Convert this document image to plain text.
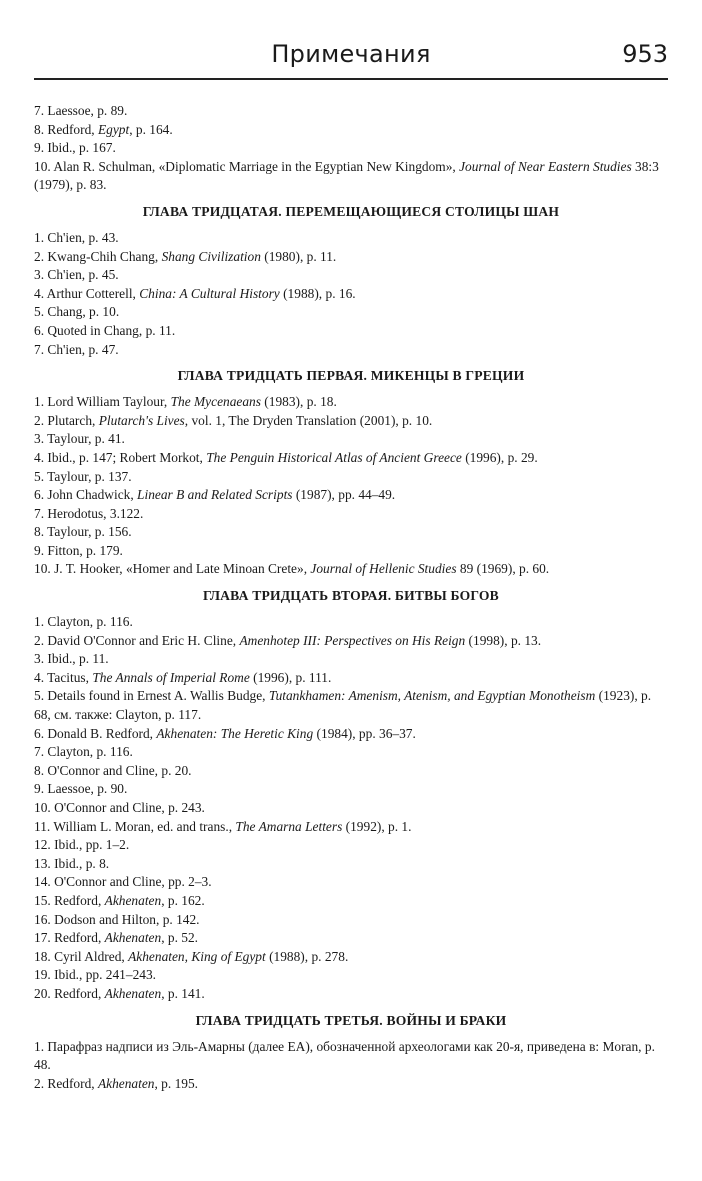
Примечания	953

7. Laessoe, p. 89.

8. Redford, Egypt, p. 164.

9. Ibid., p. 167.

10. Alan R. Schulman, «Diplomatic Marriage in the Egyptian New Kingdom», Journal of Near Eastern Studies 38:3 (1979), p. 83.

ГЛАВА ТРИДЦАТАЯ. ПЕРЕМЕЩАЮЩИЕСЯ СТОЛИЦЫ ШАН

1. Ch'ien, p. 43.

2. Kwang-Chih Chang, Shang Civilization (1980), p. 11.

3. Ch'ien, p. 45.

4. Arthur Cotterell, China: A Cultural History (1988), p. 16.

5. Chang, p. 10.

6. Quoted in Chang, p. 11.

7. Ch'ien, p. 47.

ГЛАВА ТРИДЦАТЬ ПЕРВАЯ. МИКЕНЦЫ В ГРЕЦИИ

1. Lord William Taylour, The Mycenaeans (1983), p. 18.

2. Plutarch, Plutarch's Lives, vol. 1, The Dryden Translation (2001), p. 10.

3. Taylour, p. 41.

4. Ibid., p. 147; Robert Morkot, The Penguin Historical Atlas of Ancient Greece (1996), p. 29.

5. Taylour, p. 137.

6. John Chadwick, Linear B and Related Scripts (1987), pp. 44–49.

7. Herodotus, 3.122.

8. Taylour, p. 156.

9. Fitton, p. 179.

10. J. T. Hooker, «Homer and Late Minoan Crete», Journal of Hellenic Studies 89 (1969), p. 60.

ГЛАВА ТРИДЦАТЬ ВТОРАЯ. БИТВЫ БОГОВ

1. Clayton, p. 116.

2. David O'Connor and Eric H. Cline, Amenhotep III: Perspectives on His Reign (1998), p. 13.

3. Ibid., p. 11.

4. Tacitus, The Annals of Imperial Rome (1996), p. 111.

5. Details found in Ernest A. Wallis Budge, Tutankhamen: Amenism, Atenism, and Egyptian Monotheism (1923), p. 68, см. также: Clayton, p. 117.

6. Donald B. Redford, Akhenaten: The Heretic King (1984), pp. 36–37.

7. Clayton, p. 116.

8. O'Connor and Cline, p. 20.

9. Laessoe, p. 90.

10. O'Connor and Cline, p. 243.

11. William L. Moran, ed. and trans., The Amarna Letters (1992), p. 1.

12. Ibid., pp. 1–2.

13. Ibid., p. 8.

14. O'Connor and Cline, pp. 2–3.

15. Redford, Akhenaten, p. 162.

16. Dodson and Hilton, p. 142.

17. Redford, Akhenaten, p. 52.

18. Cyril Aldred, Akhenaten, King of Egypt (1988), p. 278.

19. Ibid., pp. 241–243.

20. Redford, Akhenaten, p. 141.

ГЛАВА ТРИДЦАТЬ ТРЕТЬЯ. ВОЙНЫ И БРАКИ

1. Парафраз надписи из Эль-Амарны (далее EA), обозначенной археологами как 20-я, приведена в: Moran, p. 48.

2. Redford, Akhenaten, p. 195.
